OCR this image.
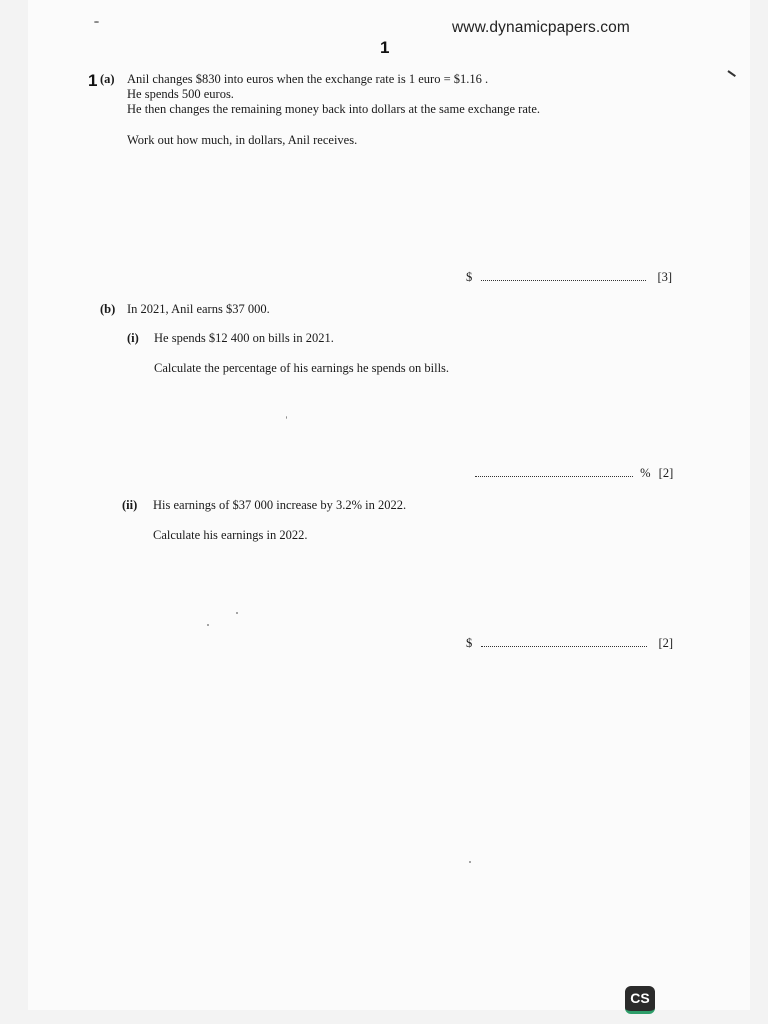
www.dynamicpapers.com
1
1 (a) Anil changes $830 into euros when the exchange rate is 1 euro = $1.16 .
He spends 500 euros.
He then changes the remaining money back into dollars at the same exchange rate.
Work out how much, in dollars, Anil receives.
$	[3]
(b) In 2021, Anil earns $37 000.
(i) He spends $12 400 on bills in 2021.
Calculate the percentage of his earnings he spends on bills.
% [2]
(ii) His earnings of $37 000 increase by 3.2% in 2022.
Calculate his earnings in 2022.
$	[2]
CS
